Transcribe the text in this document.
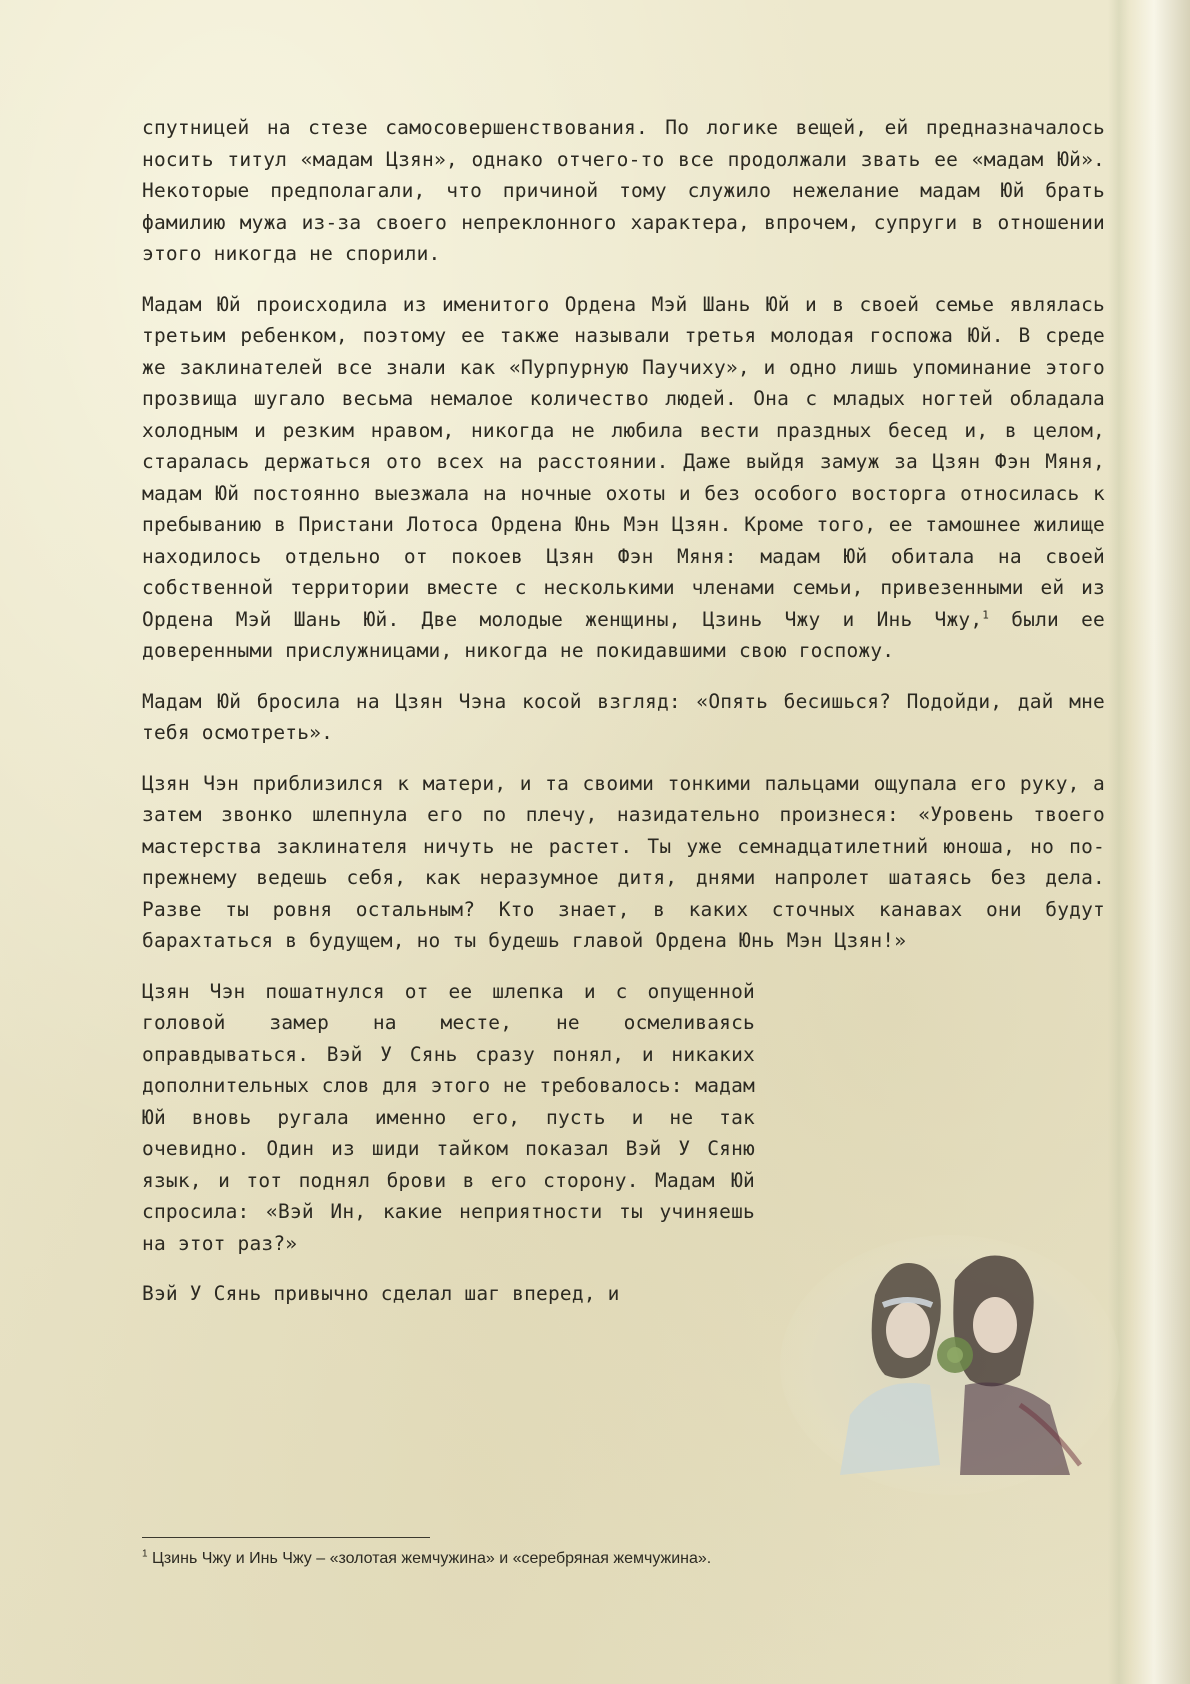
спутницей на стезе самосовершенствования. По логике вещей, ей предназначалось носить титул «мадам Цзян», однако отчего-то все продолжали звать ее «мадам Юй». Некоторые предполагали, что причиной тому служило нежелание мадам Юй брать фамилию мужа из-за своего непреклонного характера, впрочем, супруги в отношении этого никогда не спорили.

Мадам Юй происходила из именитого Ордена Мэй Шань Юй и в своей семье являлась третьим ребенком, поэтому ее также называли третья молодая госпожа Юй. В среде же заклинателей все знали как «Пурпурную Паучиху», и одно лишь упоминание этого прозвища шугало весьма немалое количество людей. Она с младых ногтей обладала холодным и резким нравом, никогда не любила вести праздных бесед и, в целом, старалась держаться ото всех на расстоянии. Даже выйдя замуж за Цзян Фэн Мяня, мадам Юй постоянно выезжала на ночные охоты и без особого восторга относилась к пребыванию в Пристани Лотоса Ордена Юнь Мэн Цзян. Кроме того, ее тамошнее жилище находилось отдельно от покоев Цзян Фэн Мяня: мадам Юй обитала на своей собственной территории вместе с несколькими членами семьи, привезенными ей из Ордена Мэй Шань Юй. Две молодые женщины, Цзинь Чжу и Инь Чжу,$^1$ были ее доверенными прислужницами, никогда не покидавшими свою госпожу.

Мадам Юй бросила на Цзян Чэна косой взгляд: «Опять бесишься? Подойди, дай мне тебя осмотреть».

Цзян Чэн приблизился к матери, и та своими тонкими пальцами ощупала его руку, а затем звонко шлепнула его по плечу, назидательно произнеся: «Уровень твоего мастерства заклинателя ничуть не растет. Ты уже семнадцатилетний юноша, но по-прежнему ведешь себя, как неразумное дитя, днями напролет шатаясь без дела. Разве ты ровня остальным? Кто знает, в каких сточных канавах они будут барахтаться в будущем, но ты будешь главой Ордена Юнь Мэн Цзян!»

Цзян Чэн пошатнулся от ее шлепка и с опущенной головой замер на месте, не осмеливаясь оправдываться. Вэй У Сянь сразу понял, и никаких дополнительных слов для этого не требовалось: мадам Юй вновь ругала именно его, пусть и не так очевидно. Один из шиди тайком показал Вэй У Сяню язык, и тот поднял брови в его сторону. Мадам Юй спросила: «Вэй Ин, какие неприятности ты учиняешь на этот раз?»

Вэй У Сянь привычно сделал шаг вперед, и

$^1$ Цзинь Чжу и Инь Чжу – «золотая жемчужина» и «серебряная жемчужина».
